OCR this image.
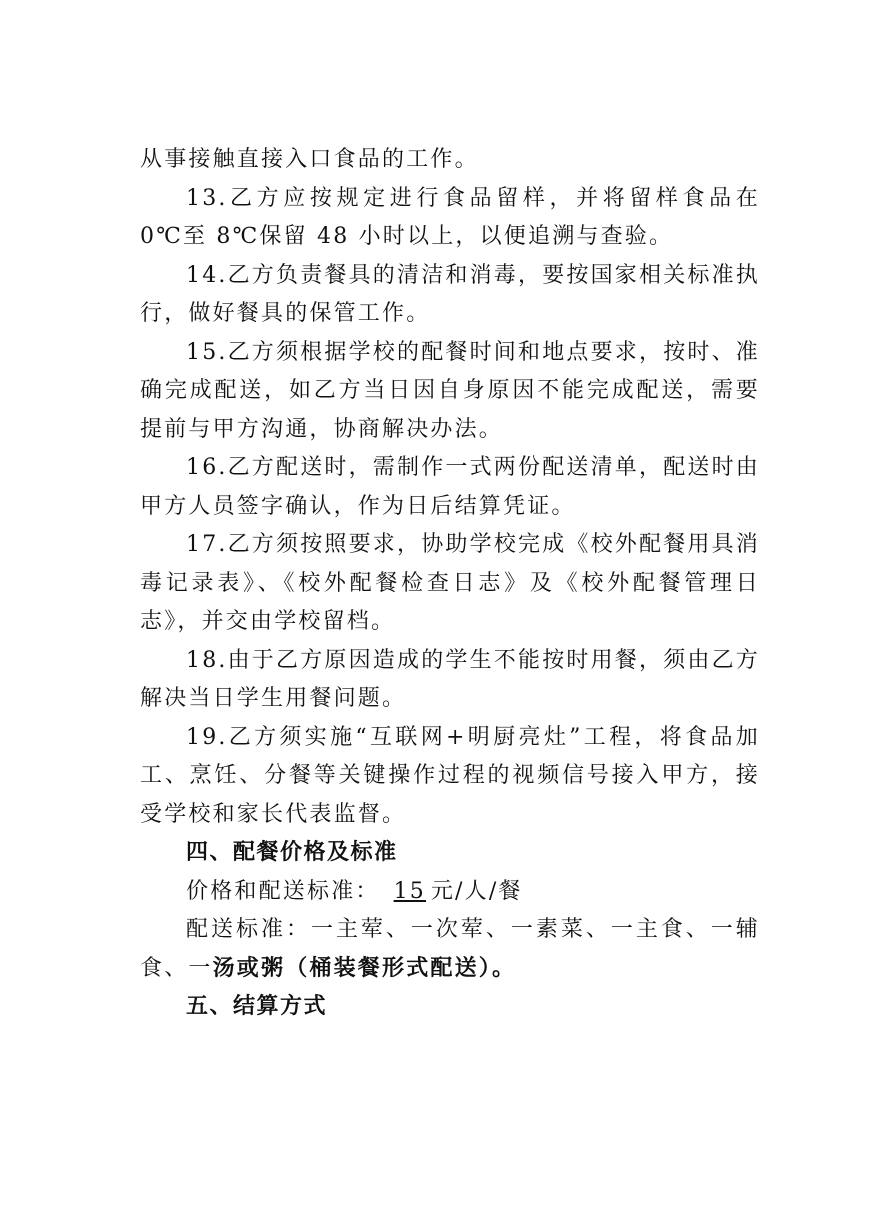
从事接触直接入口食品的工作。

13.乙方应按规定进行食品留样，并将留样食品在 0℃至 8℃保留 48 小时以上，以便追溯与查验。

14.乙方负责餐具的清洁和消毒，要按国家相关标准执行，做好餐具的保管工作。

15.乙方须根据学校的配餐时间和地点要求，按时、准确完成配送，如乙方当日因自身原因不能完成配送，需要提前与甲方沟通，协商解决办法。

16.乙方配送时，需制作一式两份配送清单，配送时由甲方人员签字确认，作为日后结算凭证。

17.乙方须按照要求，协助学校完成《校外配餐用具消毒记录表》、《校外配餐检查日志》及《校外配餐管理日志》，并交由学校留档。

18.由于乙方原因造成的学生不能按时用餐，须由乙方解决当日学生用餐问题。

19.乙方须实施“互联网+明厨亮灶”工程，将食品加工、烹饪、分餐等关键操作过程的视频信号接入甲方，接受学校和家长代表监督。

四、配餐价格及标准

价格和配送标准： 15 元/人/餐

配送标准：一主荤、一次荤、一素菜、一主食、一辅食、一汤或粥（桶装餐形式配送）。

五、结算方式
